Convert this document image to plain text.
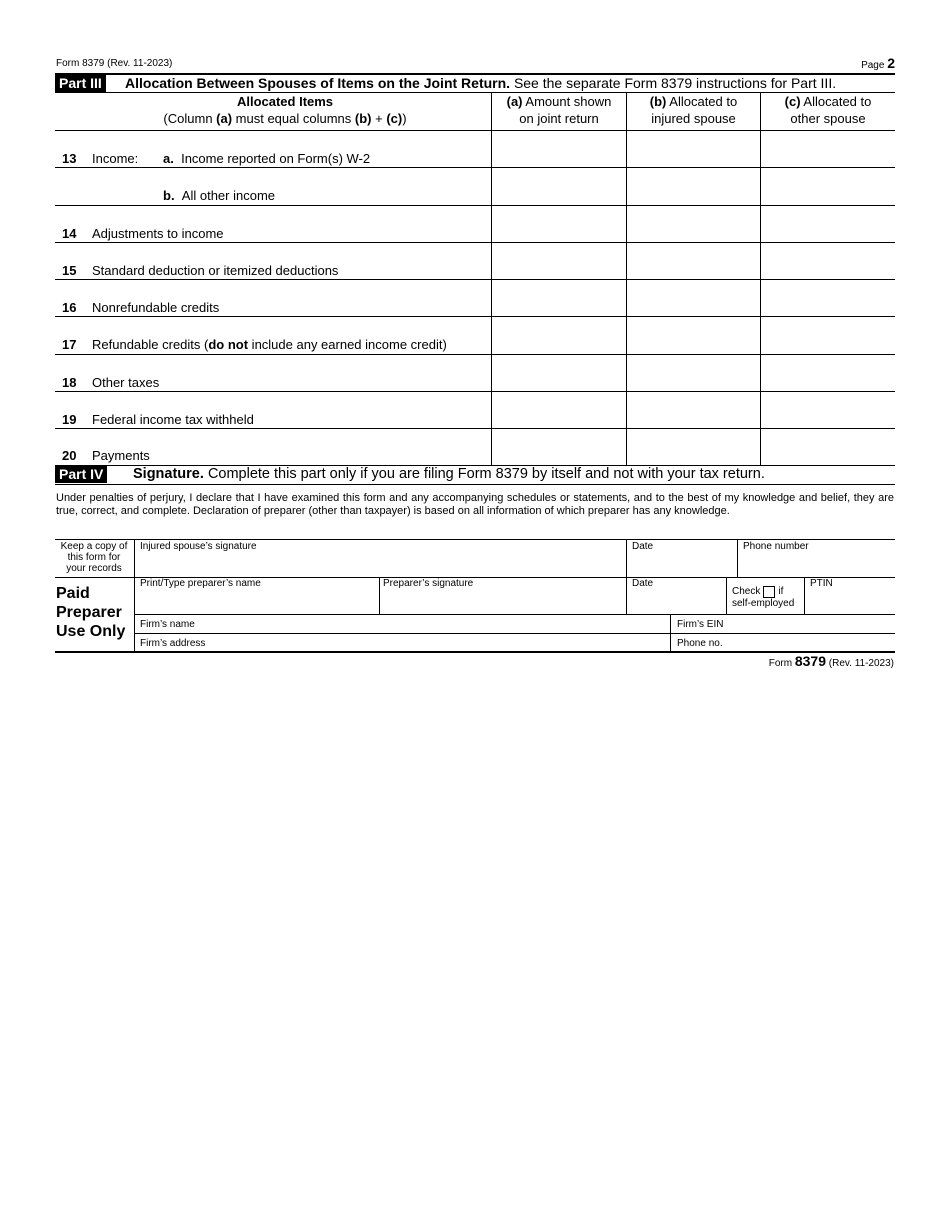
Form 8379 (Rev. 11-2023)	Page 2
Part III Allocation Between Spouses of Items on the Joint Return. See the separate Form 8379 instructions for Part III.
Allocated Items
(Column (a) must equal columns (b) + (c))
(a) Amount shown
on joint return
(b) Allocated to
injured spouse
(c) Allocated to
other spouse
13 Income: a. Income reported on Form(s) W-2
b. All other income
14 Adjustments to income
15 Standard deduction or itemized deductions
16 Nonrefundable credits
17 Refundable credits (do not include any earned income credit)
18 Other taxes
19 Federal income tax withheld
20 Payments
Part IV Signature. Complete this part only if you are filing Form 8379 by itself and not with your tax return.
Under penalties of perjury, I declare that I have examined this form and any accompanying schedules or statements, and to the best of my knowledge and belief, they are true, correct, and complete. Declaration of preparer (other than taxpayer) is based on all information of which preparer has any knowledge.
Keep a copy of
this form for
your records
Injured spouse’s signature	Date	Phone number
Paid
Preparer
Use Only
Print/Type preparer’s name	Preparer’s signature	Date
Check if
self-employed
PTIN
Firm’s name	Firm’s EIN
Firm’s address	Phone no.
Form 8379 (Rev. 11-2023)
